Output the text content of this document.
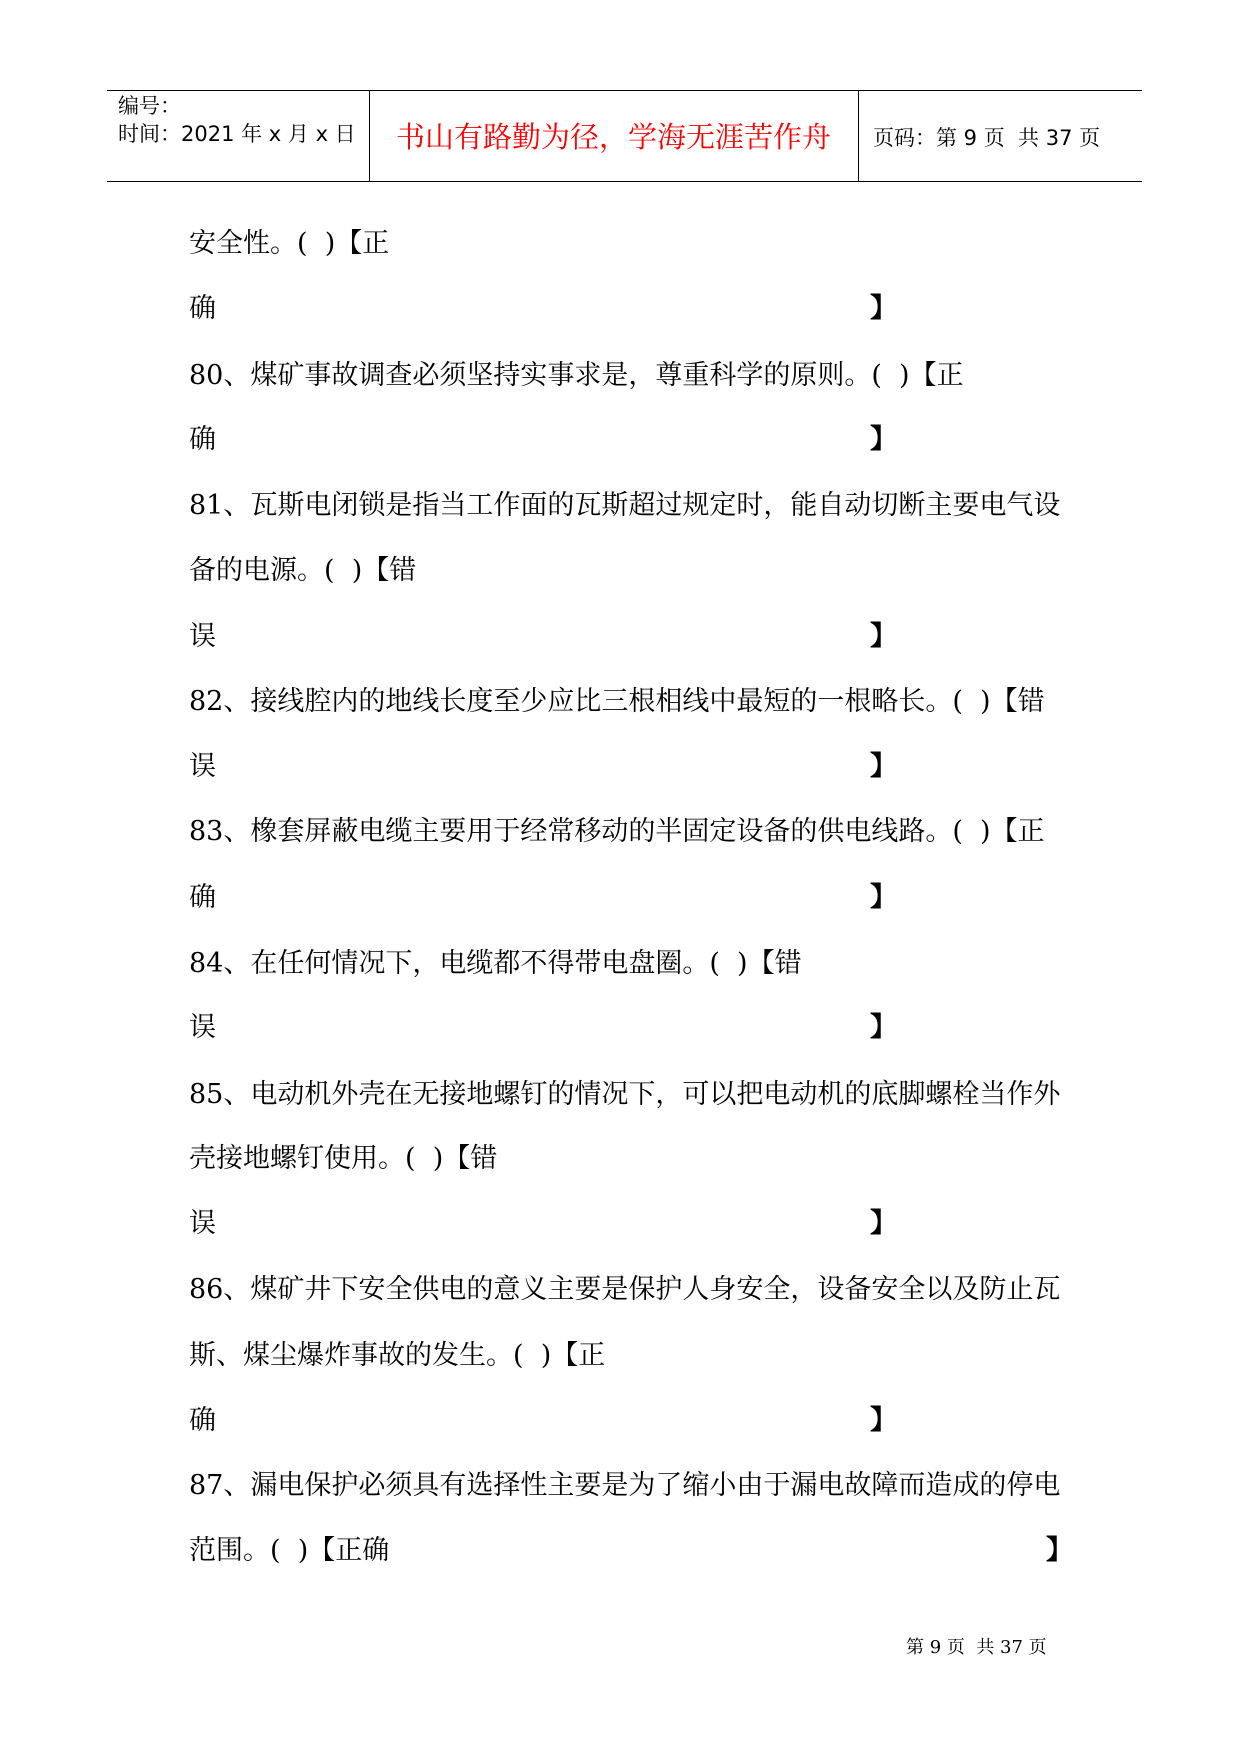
编号：
时间：2021 年 x 月 x 日	书山有路勤为径，学海无涯苦作舟	页码：第 9 页  共 37 页
安全性。(  )【正
确	】
80、煤矿事故调查必须坚持实事求是，尊重科学的原则。(  )【正
确	】
81、瓦斯电闭锁是指当工作面的瓦斯超过规定时，能自动切断主要电气设
备的电源。(  )【错
误	】
82、接线腔内的地线长度至少应比三根相线中最短的一根略长。(  )【错
误	】
83、橡套屏蔽电缆主要用于经常移动的半固定设备的供电线路。(  )【正
确	】
84、在任何情况下，电缆都不得带电盘圈。(  )【错
误	】
85、电动机外壳在无接地螺钉的情况下，可以把电动机的底脚螺栓当作外
壳接地螺钉使用。(  )【错
误	】
86、煤矿井下安全供电的意义主要是保护人身安全，设备安全以及防止瓦
斯、煤尘爆炸事故的发生。(  )【正
确	】
87、漏电保护必须具有选择性主要是为了缩小由于漏电故障而造成的停电
范围。(  )【正确	】
第 9 页  共 37 页
